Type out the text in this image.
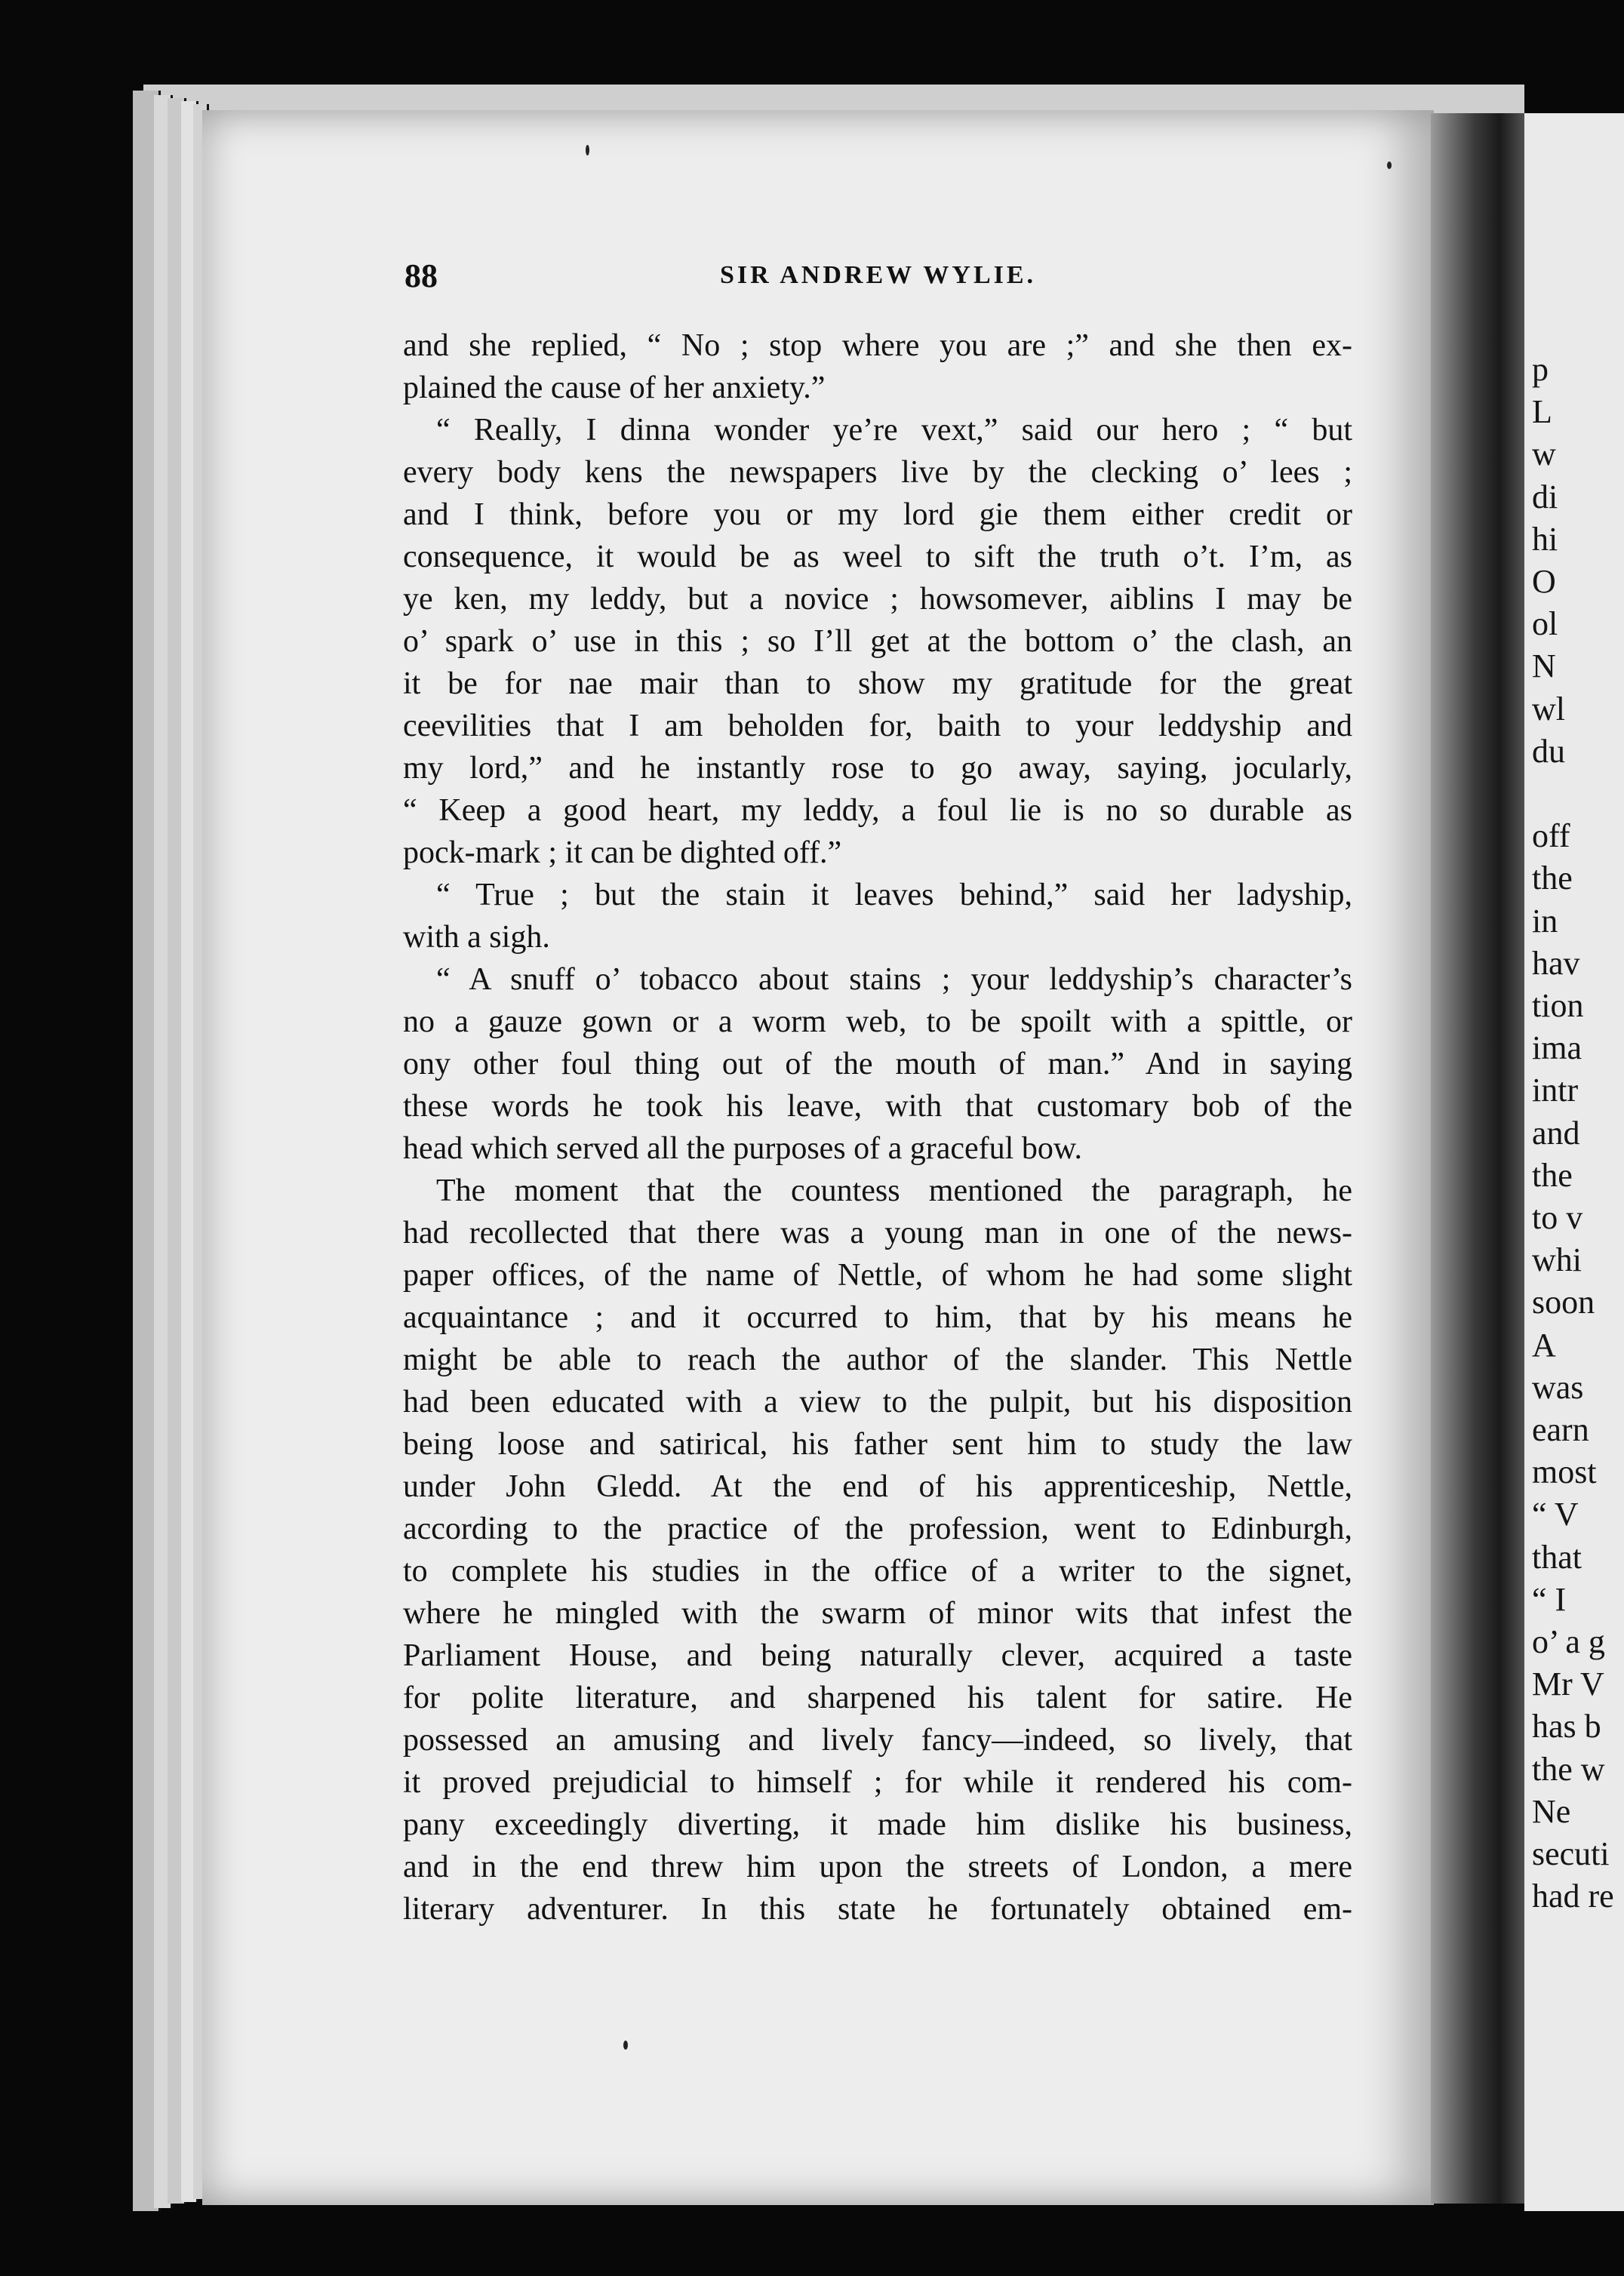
p
L
w
di
hi
O
ol
N
wl
du
off
the
in
hav
tion
ima
intr
and
the
to v
whi
soon
A
was
earn
most
“ V
that
“ I
o’ a g
Mr V
has b
the w
Ne
secuti
had re
88	SIR ANDREW WYLIE.
and she replied, “ No ; stop where you are ;” and she then ex-
plained the cause of her anxiety.”
“ Really, I dinna wonder ye’re vext,” said our hero ; “ but
every body kens the newspapers live by the clecking o’ lees ;
and I think, before you or my lord gie them either credit or
consequence, it would be as weel to sift the truth o’t. I’m, as
ye ken, my leddy, but a novice ; howsomever, aiblins I may be
o’ spark o’ use in this ; so I’ll get at the bottom o’ the clash, an
it be for nae mair than to show my gratitude for the great
ceevilities that I am beholden for, baith to your leddyship and
my lord,” and he instantly rose to go away, saying, jocularly,
“ Keep a good heart, my leddy, a foul lie is no so durable as
pock-mark ; it can be dighted off.”
“ True ; but the stain it leaves behind,” said her ladyship,
with a sigh.
“ A snuff o’ tobacco about stains ; your leddyship’s character’s
no a gauze gown or a worm web, to be spoilt with a spittle, or
ony other foul thing out of the mouth of man.” And in saying
these words he took his leave, with that customary bob of the
head which served all the purposes of a graceful bow.
The moment that the countess mentioned the paragraph, he
had recollected that there was a young man in one of the news-
paper offices, of the name of Nettle, of whom he had some slight
acquaintance ; and it occurred to him, that by his means he
might be able to reach the author of the slander. This Nettle
had been educated with a view to the pulpit, but his disposition
being loose and satirical, his father sent him to study the law
under John Gledd. At the end of his apprenticeship, Nettle,
according to the practice of the profession, went to Edinburgh,
to complete his studies in the office of a writer to the signet,
where he mingled with the swarm of minor wits that infest the
Parliament House, and being naturally clever, acquired a taste
for polite literature, and sharpened his talent for satire. He
possessed an amusing and lively fancy—indeed, so lively, that
it proved prejudicial to himself ; for while it rendered his com-
pany exceedingly diverting, it made him dislike his business,
and in the end threw him upon the streets of London, a mere
literary adventurer. In this state he fortunately obtained em-
